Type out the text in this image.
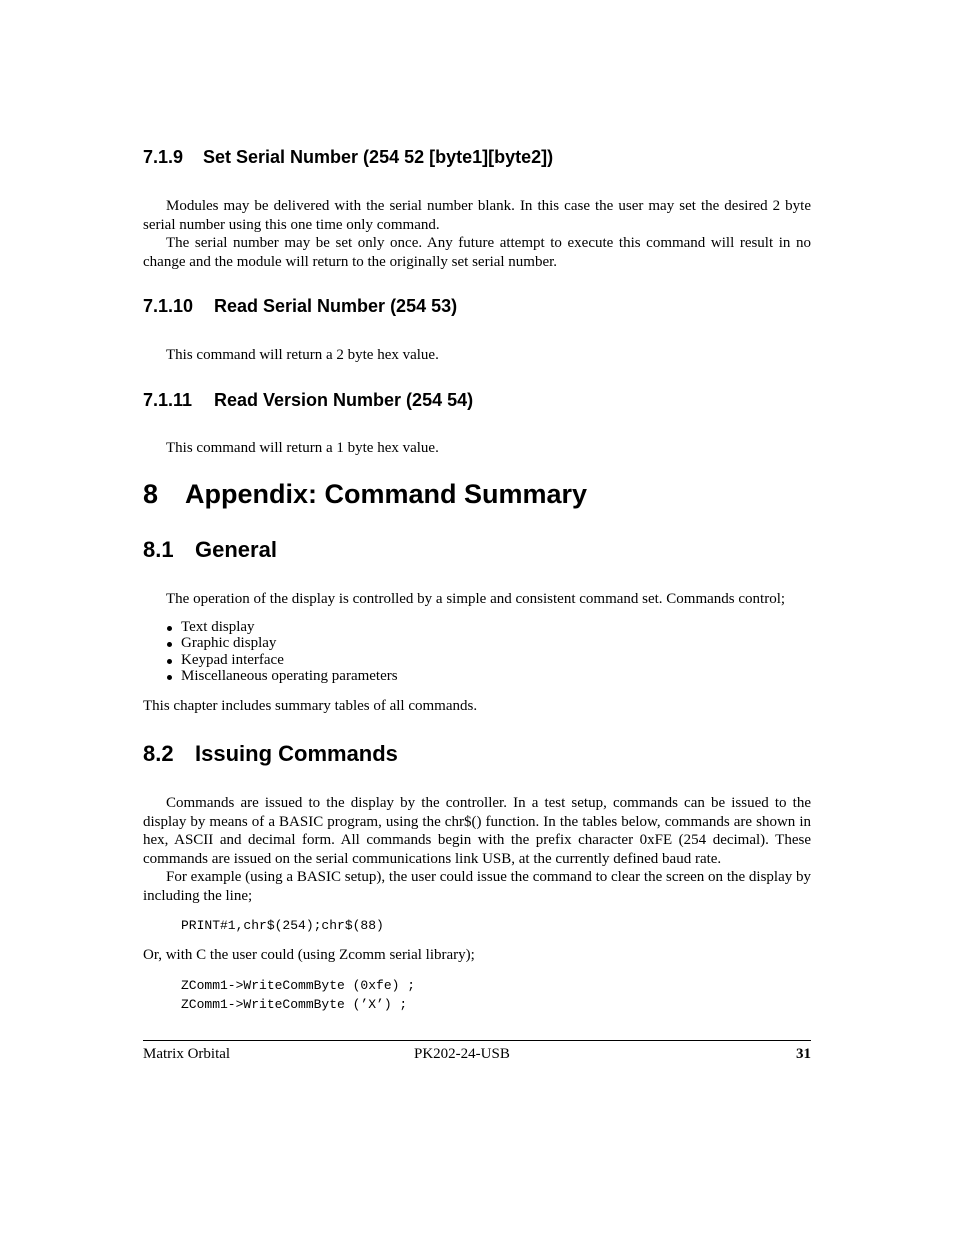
7.1.9 Set Serial Number (254 52 [byte1][byte2])
Modules may be delivered with the serial number blank. In this case the user may set the desired 2 byte serial number using this one time only command.
The serial number may be set only once. Any future attempt to execute this command will result in no change and the module will return to the originally set serial number.
7.1.10 Read Serial Number (254 53)
This command will return a 2 byte hex value.
7.1.11 Read Version Number (254 54)
This command will return a 1 byte hex value.
8 Appendix: Command Summary
8.1 General
The operation of the display is controlled by a simple and consistent command set. Commands control;
Text display
Graphic display
Keypad interface
Miscellaneous operating parameters
This chapter includes summary tables of all commands.
8.2 Issuing Commands
Commands are issued to the display by the controller. In a test setup, commands can be issued to the display by means of a BASIC program, using the chr$() function. In the tables below, commands are shown in hex, ASCII and decimal form. All commands begin with the prefix character 0xFE (254 decimal). These commands are issued on the serial communications link USB, at the currently defined baud rate.
For example (using a BASIC setup), the user could issue the command to clear the screen on the display by including the line;
PRINT#1,chr$(254);chr$(88)
Or, with C the user could (using Zcomm serial library);
ZComm1->WriteCommByte (0xfe) ;
ZComm1->WriteCommByte (’X’) ;
Matrix Orbital	PK202-24-USB	31
